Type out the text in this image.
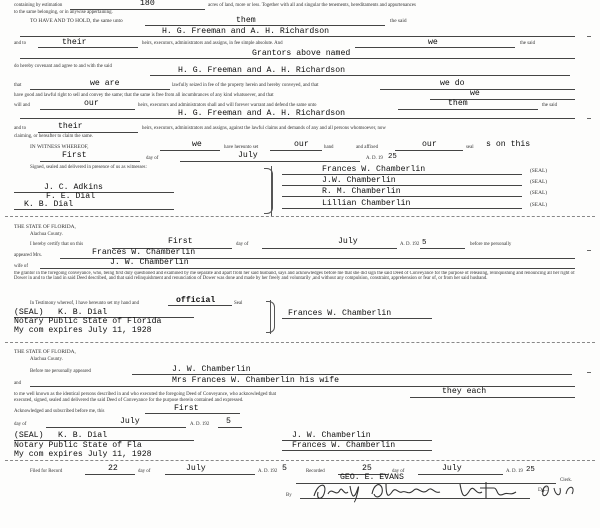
containing by estimation	180	acres of land, more or less. Together with all and singular the tenements, hereditaments and appurtenances
to the same belonging, or in anywise appertaining.
TO HAVE AND TO HOLD, the same unto	them	the said
H. G. Freeman and A. H. Richardson
and to	their	heirs, executors, administrators and assigns, in fee simple absolute. And	we	the said
Grantors above named
do hereby covenant and agree to and with the said	H. G. Freeman and A. H. Richardson
that	we are	lawfully seized in fee of the property herein and hereby conveyed, and that	we do
have good and lawful right to sell and convey the same; that the same is free from all incumbrances of any kind whatsoever, and that	we
will and	our	heirs, executors and administrators shall and will forever warrant and defend the same unto	them	the said
H. G. Freeman and A. H. Richardson
and to	their	heirs, executors, administrators and assigns, against the lawful claims and demands of any and all persons whomsoever, now
claiming, or hereafter to claim the same.
IN WITNESS WHEREOF,	we	have hereunto set	our	hand	and affixed	our	seal s on this
First	day of	July	A. D. 19 25
Signed, sealed and delivered in presence of us as witnesses:
J. C. Adkins
F. E. Dial
K. B. Dial
Frances W. Chamberlin	(SEAL)
J.W. Chamberlin	(SEAL)
R. M. Chamberlin	(SEAL)
Lillian Chamberlin	(SEAL)
THE STATE OF FLORIDA,
Alachua County.
I hereby certify that on this	First	day of	July	A. D. 192 5	before me personally
appeared Mrs.	Frances W. Chamberlin
wife of	J. W. Chamberlin
the grantor in the foregoing conveyance, who, being first duly questioned and examined by me separate and apart from her said husband, says and acknowledges before me that she did sign the said Deed of Conveyance for the purpose of releasing, relinquishing and renouncing all her right of Dower in and to the land in said Deed described, and that said relinquishment and renunciation of Dower was done and made by her freely and voluntarily ,and without any compulsion, constraint, apprehension or fear of, or from her said husband.
In Testimony whereof, I have hereunto set my hand and	official	Seal
(SEAL) K. B. Dial
Notary Public State of Florida
My com expires July 11, 1928
Frances W. Chamberlin
THE STATE OF FLORIDA,
Alachua County.
Before me personally appeared	J. W. Chamberlin
and	Mrs Frances W. Chamberlin his wife
to me well known as the identical persons described in and who executed the foregoing Deed of Conveyance, who acknowledged that	they each
executed, signed, sealed and delivered the said Deed of Conveyance for the purpose therein contained and expressed.
Acknowledged and subscribed before me, this	First
day of	July	A. D. 192 5
(SEAL) K. B. Dial
Notary Public State of Fla
My com expires July 11, 1928
J. W. Chamberlin
Frances W. Chamberlin
Filed for Record	22	day of	July	A. D. 192 5	Recorded	25	day of	July	A. D. 19 25
GEO. E. EVANS	Clerk.
By
D.C.
